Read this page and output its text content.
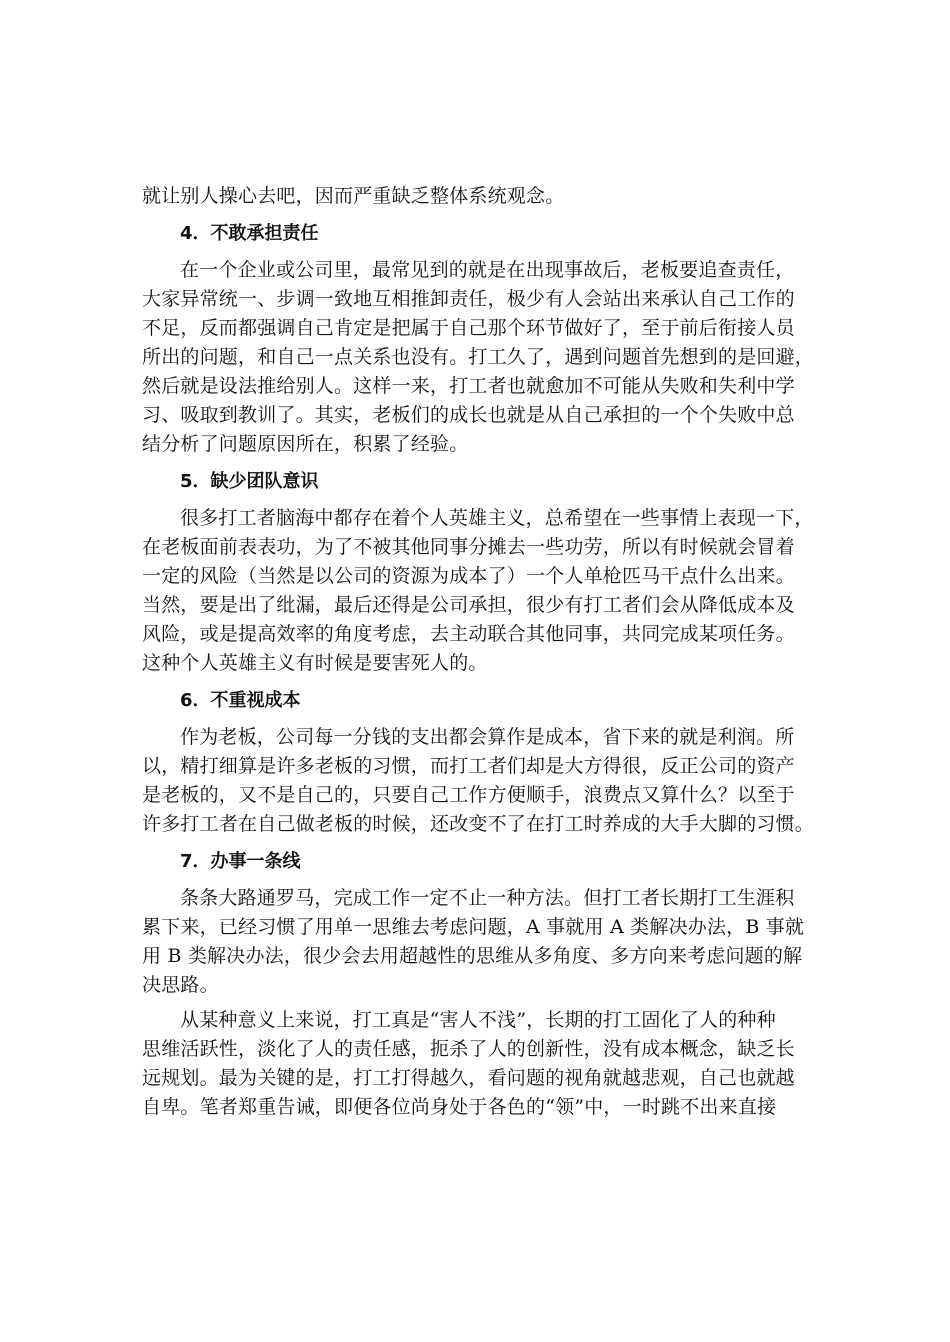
就让别人操心去吧，因而严重缺乏整体系统观念。

4．不敢承担责任

在一个企业或公司里，最常见到的就是在出现事故后，老板要追查责任，

大家异常统一、步调一致地互相推卸责任，极少有人会站出来承认自己工作的

不足，反而都强调自己肯定是把属于自己那个环节做好了，至于前后衔接人员

所出的问题，和自己一点关系也没有。打工久了，遇到问题首先想到的是回避，

然后就是设法推给别人。这样一来，打工者也就愈加不可能从失败和失利中学

习、吸取到教训了。其实，老板们的成长也就是从自己承担的一个个失败中总

结分析了问题原因所在，积累了经验。

5．缺少团队意识

很多打工者脑海中都存在着个人英雄主义，总希望在一些事情上表现一下，

在老板面前表表功，为了不被其他同事分摊去一些功劳，所以有时候就会冒着

一定的风险（当然是以公司的资源为成本了）一个人单枪匹马干点什么出来。

当然，要是出了纰漏，最后还得是公司承担，很少有打工者们会从降低成本及

风险，或是提高效率的角度考虑，去主动联合其他同事，共同完成某项任务。

这种个人英雄主义有时候是要害死人的。

6．不重视成本

作为老板，公司每一分钱的支出都会算作是成本，省下来的就是利润。所

以，精打细算是许多老板的习惯，而打工者们却是大方得很，反正公司的资产

是老板的，又不是自己的，只要自己工作方便顺手，浪费点又算什么？以至于

许多打工者在自己做老板的时候，还改变不了在打工时养成的大手大脚的习惯。

7．办事一条线

条条大路通罗马，完成工作一定不止一种方法。但打工者长期打工生涯积

累下来，已经习惯了用单一思维去考虑问题，A 事就用 A 类解决办法，B 事就

用 B 类解决办法，很少会去用超越性的思维从多角度、多方向来考虑问题的解

决思路。

从某种意义上来说，打工真是“害人不浅”，长期的打工固化了人的种种

思维活跃性，淡化了人的责任感，扼杀了人的创新性，没有成本概念，缺乏长

远规划。最为关键的是，打工打得越久，看问题的视角就越悲观，自己也就越

自卑。笔者郑重告诫，即便各位尚身处于各色的“领”中，一时跳不出来直接
